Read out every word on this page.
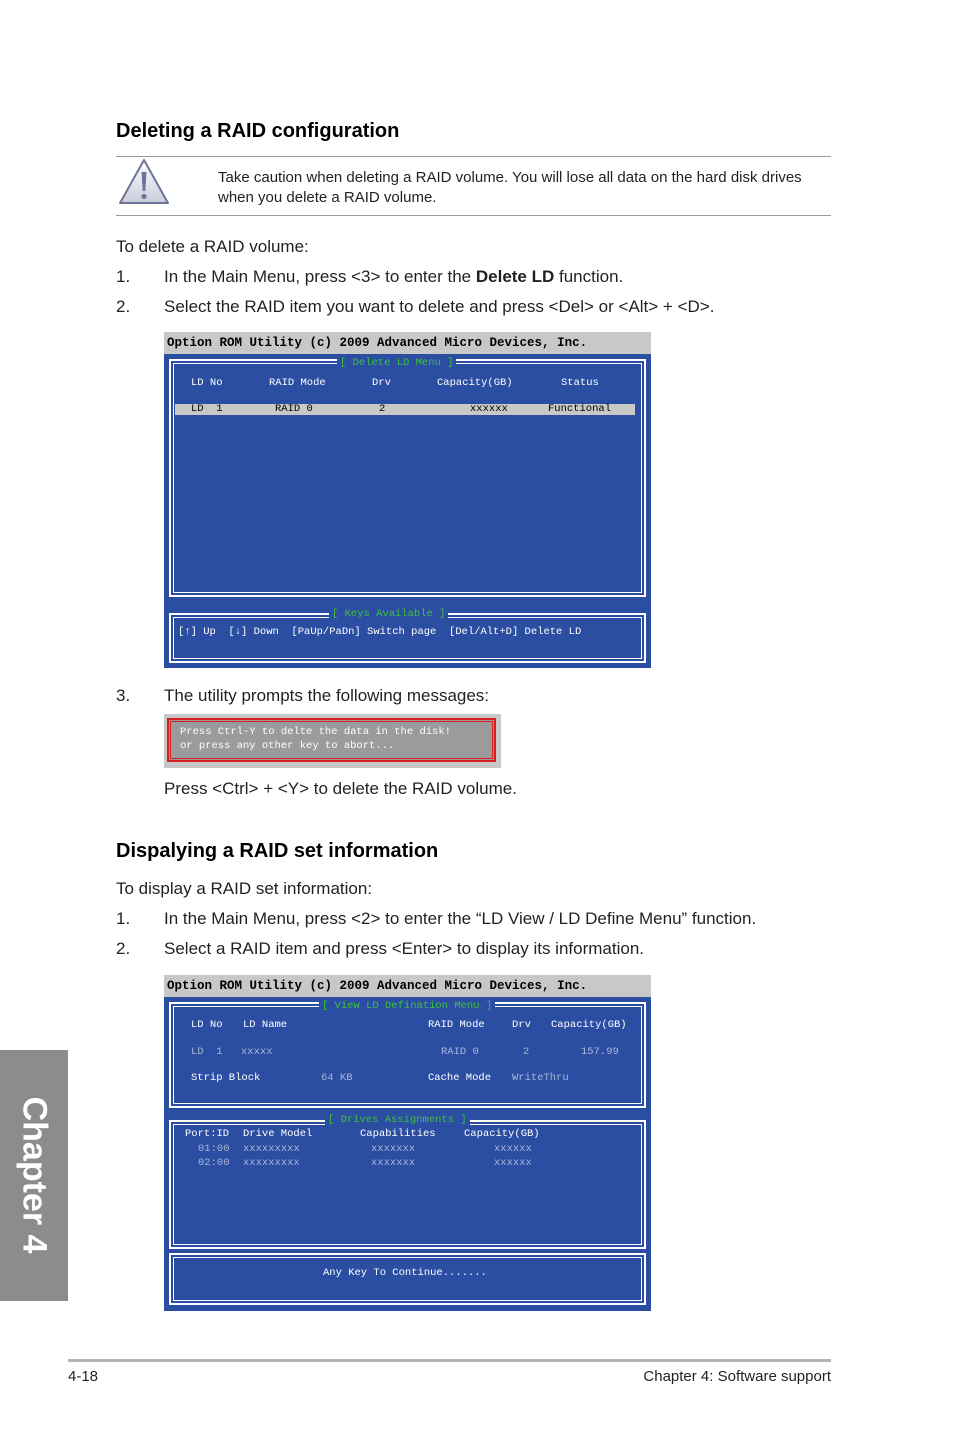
Deleting a RAID configuration
Take caution when deleting a RAID volume. You will lose all data on the hard disk drives when you delete a RAID volume.
To delete a RAID volume:
1. In the Main Menu, press <3> to enter the Delete LD function.
2. Select the RAID item you want to delete and press <Del> or <Alt> + <D>.
Option ROM Utility (c) 2009 Advanced Micro Devices, Inc.
[ Delete LD Menu ]
LD No	RAID Mode	Drv	Capacity(GB)	Status
LD  1	RAID 0	2	xxxxxx	Functional
[ Keys Available ]
[↑] Up  [↓] Down  [PaUp/PaDn] Switch page  [Del/Alt+D] Delete LD
3. The utility prompts the following messages:
Press Ctrl-Y to delte the data in the disk!
or press any other key to abort...
Press <Ctrl> + <Y> to delete the RAID volume.
Dispalying a RAID set information
To display a RAID set information:
1. In the Main Menu, press <2> to enter the “LD View / LD Define Menu” function.
2. Select a RAID item and press <Enter> to display its information.
Option ROM Utility (c) 2009 Advanced Micro Devices, Inc.
[ View LD Defination Menu ]
LD No LD Name	RAID Mode	Drv Capacity(GB)
LD  1 xxxxx	RAID 0	2	157.99
Strip Block	64 KB	Cache Mode WriteThru
[ Drives Assignments ]
Port:ID Drive Model	Capabilities	Capacity(GB)
01:00 xxxxxxxxx	xxxxxxx	xxxxxx
02:00 xxxxxxxxx	xxxxxxx	xxxxxx
Any Key To Continue.......
Chapter 4
4-18	Chapter 4: Software support
